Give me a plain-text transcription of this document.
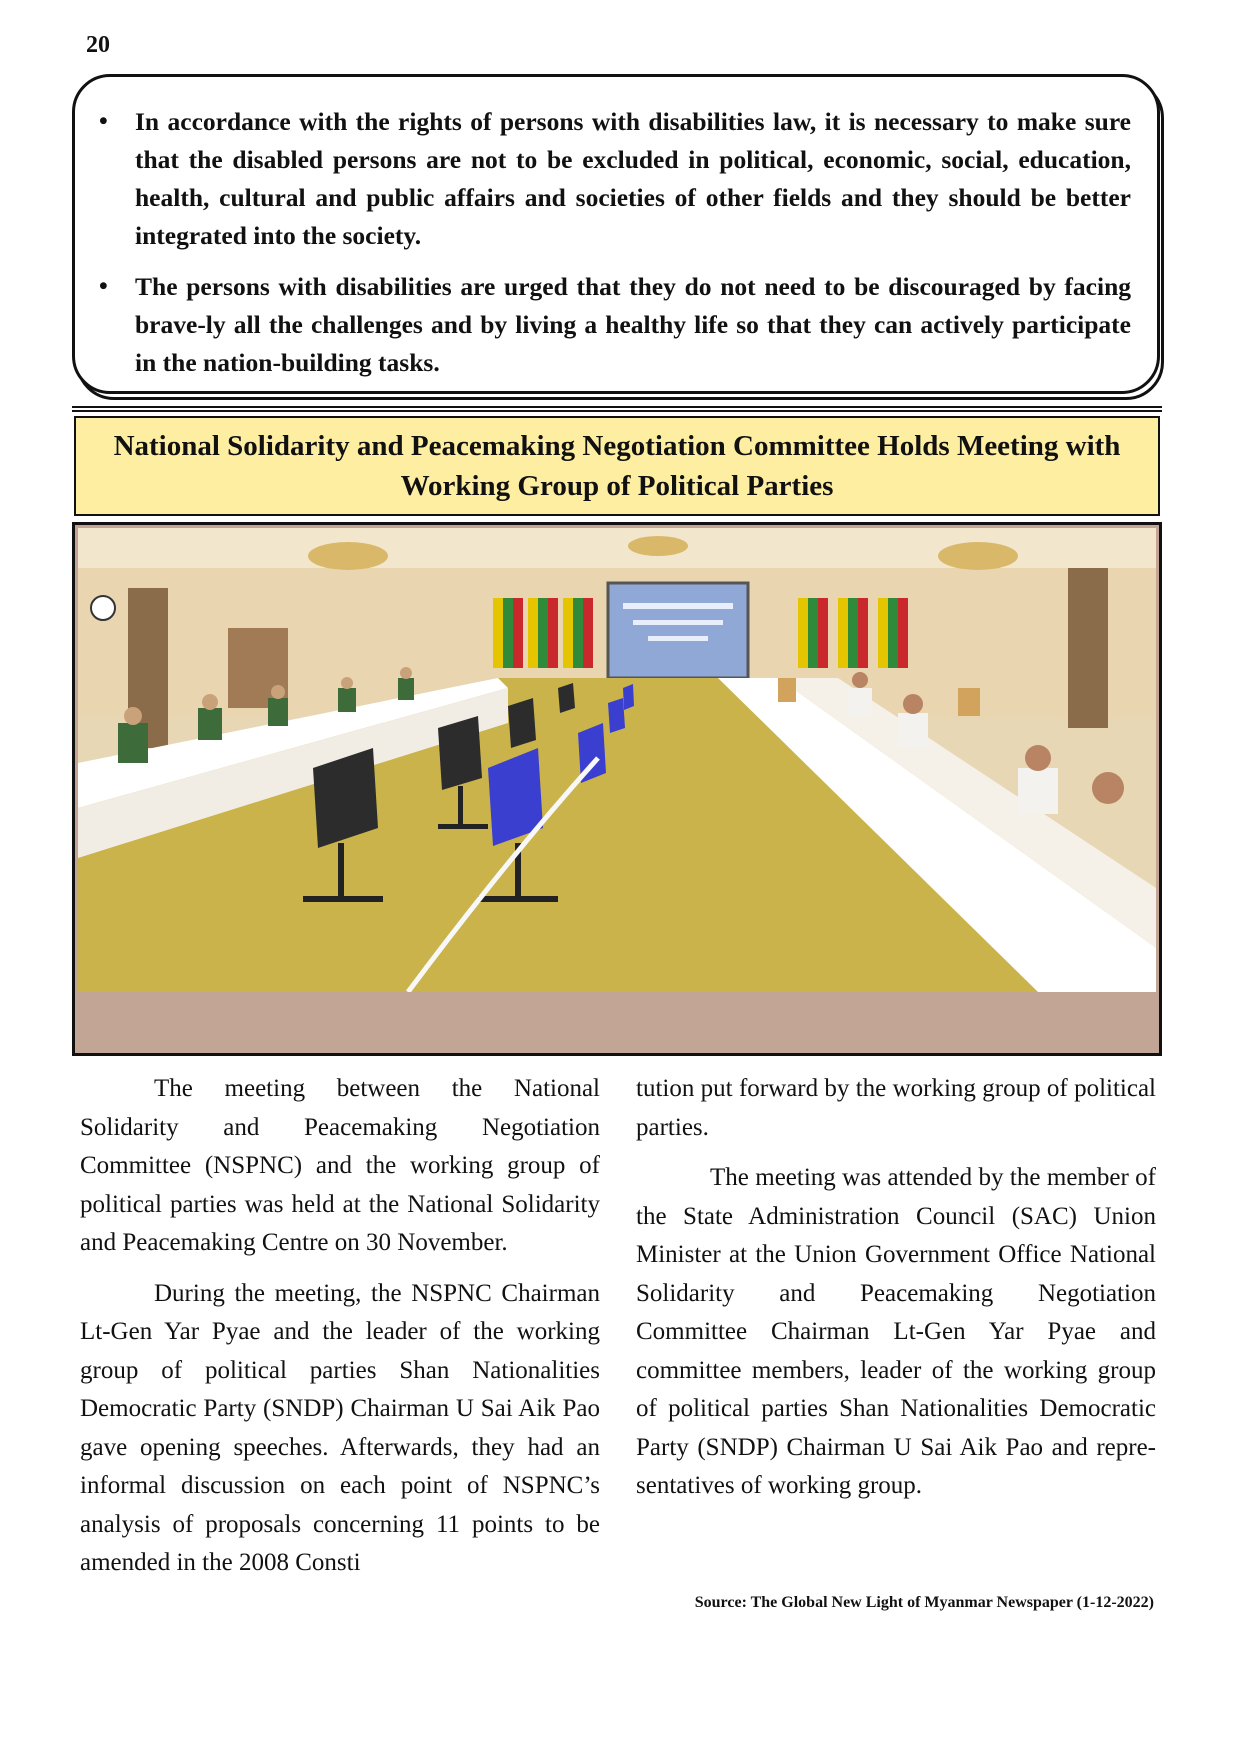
20
• In accordance with the rights of persons with disabilities law, it is necessary to make sure that the disabled persons are not to be excluded in political, economic, social, education, health, cultural and public affairs and societies of other fields and they should be better integrated into the society.
• The persons with disabilities are urged that they do not need to be discouraged by facing brave-ly all the challenges and by living a healthy life so that they can actively participate in the nation-building tasks.
National Solidarity and Peacemaking Negotiation Committee Holds Meeting with Working Group of Political Parties

The meeting between the National Solidarity and Peacemaking Negotiation Committee (NSPNC) and the working group of political parties was held at the National Solidarity and Peacemaking Centre on 30 November.

During the meeting, the NSPNC Chairman Lt-Gen Yar Pyae and the leader of the working group of political parties Shan Nationalities Democratic Party (SNDP) Chairman U Sai Aik Pao gave opening speeches. Afterwards, they had an informal discussion on each point of NSPNC’s analysis of proposals concerning 11 points to be amended in the 2008 Consti

tution put forward by the working group of political parties.

The meeting was attended by the member of the State Administration Council (SAC) Union Minister at the Union Government Office National Solidarity and Peacemaking Negotiation Committee Chairman Lt-Gen Yar Pyae and committee members, leader of the working group of political parties Shan Nationalities Democratic Party (SNDP) Chairman U Sai Aik Pao and representatives of working group.

Source: The Global New Light of Myanmar Newspaper (1-12-2022)
